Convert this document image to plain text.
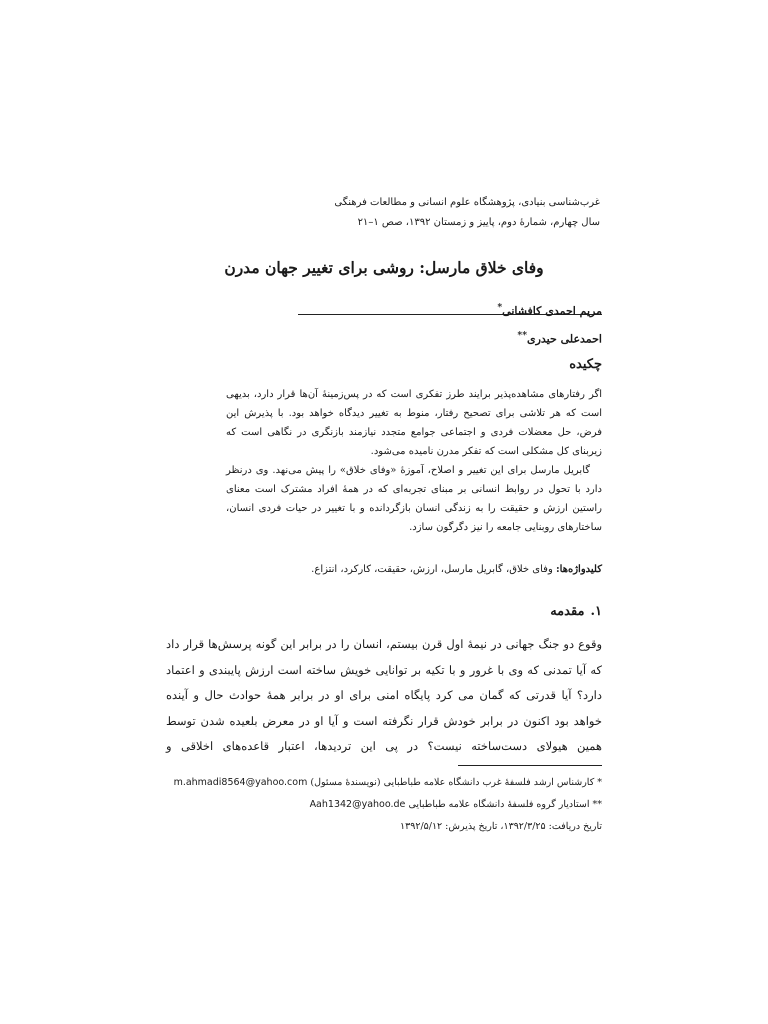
غرب‌شناسی بنیادی، پژوهشگاه علوم انسانی و مطالعات فرهنگی
سال چهارم، شمارهٔ دوم، پاییز و زمستان ۱۳۹۲، صص ۱–۲۱
وفای خلاق مارسل: روشی برای تغییر جهان مدرن
مریم احمدی کافشانی*
احمدعلی حیدری**
چکیده

اگر رفتارهای مشاهده‌پذیر برایند طرز تفکری است که در پس‌زمینهٔ آن‌ها قرار دارد، بدیهی است که هر تلاشی برای تصحیح رفتار، منوط به تغییر دیدگاه خواهد بود. با پذیرش این فرض، حل معضلات فردی و اجتماعی جوامع متجدد نیازمند بازنگری در نگاهی است که زیربنای کل مشکلی است که تفکر مدرن نامیده می‌شود.

گابریل مارسل برای این تغییر و اصلاح، آموزهٔ «وفای خلاق» را پیش می‌نهد. وی درنظر دارد با تحول در روابط انسانی بر مبنای تجربه‌ای که در همهٔ افراد مشترک است معنای راستین ارزش و حقیقت را به زندگی انسان بازگردانده و با تغییر در حیات فردی انسان، ساختارهای روبنایی جامعه را نیز دگرگون سازد.

کلیدواژه‌ها: وفای خلاق، گابریل مارسل، ارزش، حقیقت، کارکرد، انتزاع.
۱.مقدمه
وقوع دو جنگ جهانی در نیمهٔ اول قرن بیستم، انسان را در برابر این گونه پرسش‌ها قرار داد که آیا تمدنی که وی با غرور و با تکیه بر توانایی خویش ساخته است ارزش پایبندی و اعتماد دارد؟ آیا قدرتی که گمان می کرد پایگاه امنی برای او در برابر همهٔ حوادث حال و آینده خواهد بود اکنون در برابر خودش قرار نگرفته است و آیا او در معرض بلعیده شدن توسط همین هیولای دست‌ساخته نیست؟ در پی این تردیدها، اعتبار قاعده‌های اخلاقی و
* کارشناس ارشد فلسفهٔ غرب دانشگاه علامه طباطبایی (نویسندهٔ مسئول) m.ahmadi8564@yahoo.com
** استادیار گروه فلسفهٔ دانشگاه علامه طباطبایی Aah1342@yahoo.de
تاریخ دریافت: ۱۳۹۲/۳/۲۵، تاریخ پذیرش: ۱۳۹۲/۵/۱۲
